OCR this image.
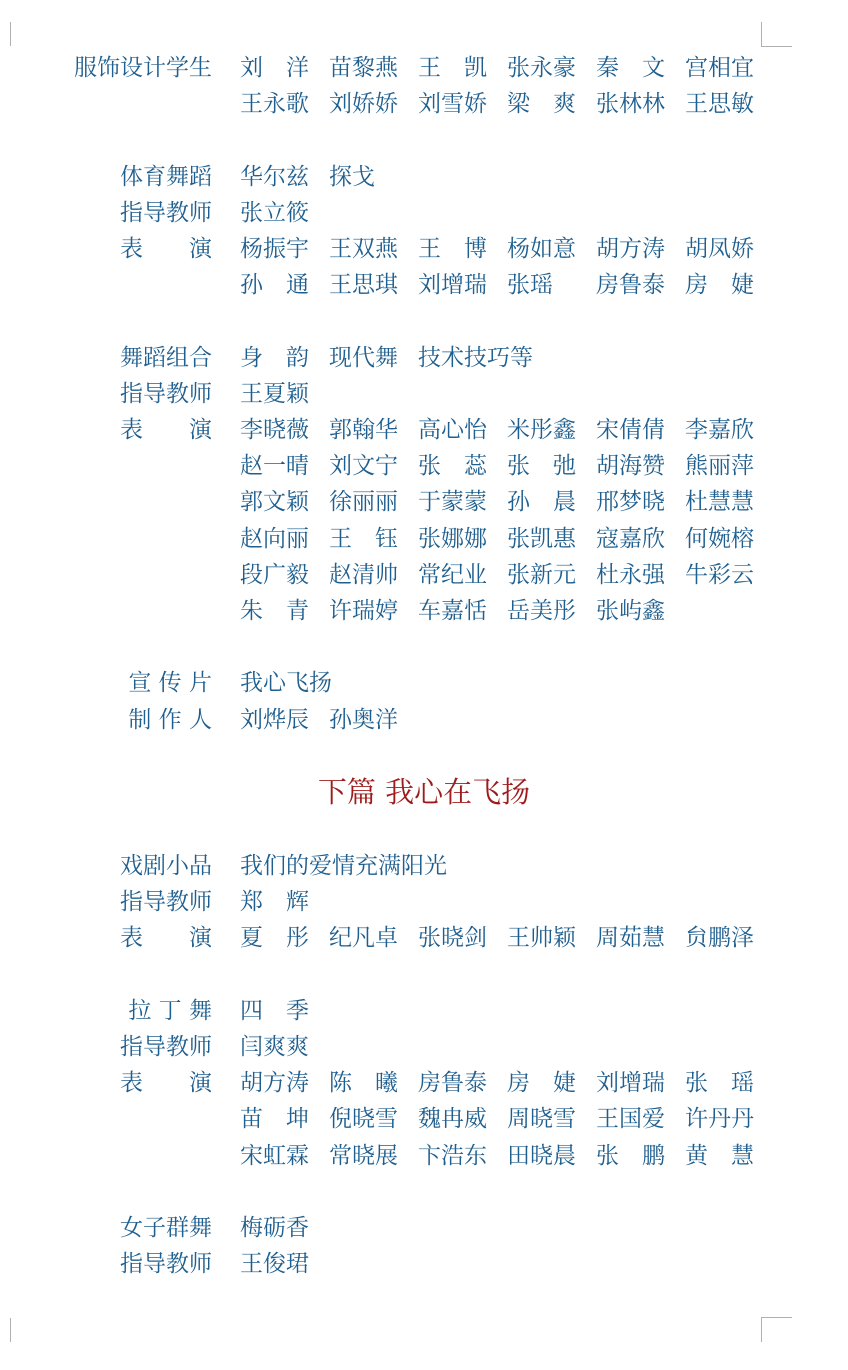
服饰设计学生 刘　洋 苗黎燕 王　凯 张永豪 秦　文 宫相宜
王永歌 刘娇娇 刘雪娇 梁　爽 张林林 王思敏
体育舞蹈 华尔兹 探戈
指导教师 张立筱
表　　演 杨振宇 王双燕 王　博 杨如意 胡方涛 胡凤娇
孙　通 王思琪 刘增瑞 张瑶	房鲁泰 房　婕
舞蹈组合 身　韵 现代舞 技术技巧等
指导教师 王夏颖
表　　演 李晓薇 郭翰华 高心怡 米彤鑫 宋倩倩 李嘉欣
赵一晴 刘文宁 张　蕊 张　弛 胡海赞 熊丽萍
郭文颖 徐丽丽 于蒙蒙 孙　晨 邢梦晓 杜慧慧
赵向丽 王　钰 张娜娜 张凯惠 寇嘉欣 何婉榕
段广毅 赵清帅 常纪业 张新元 杜永强 牛彩云
朱　青 许瑞婷 车嘉恬 岳美彤 张屿鑫
宣 传 片 我心飞扬
制 作 人 刘烨辰 孙奥洋
戏剧小品 我们的爱情充满阳光
指导教师 郑　辉
表　　演 夏　彤 纪凡卓 张晓剑 王帅颖 周茹慧 贠鹏泽
拉 丁 舞 四　季
指导教师 闫爽爽
表　　演 胡方涛 陈　曦 房鲁泰 房　婕 刘增瑞 张　瑶
苗　坤 倪晓雪 魏冉威 周晓雪 王国爱 许丹丹
宋虹霖 常晓展 卞浩东 田晓晨 张　鹏 黄　慧
女子群舞 梅砺香
指导教师 王俊珺
下篇 我心在飞扬
